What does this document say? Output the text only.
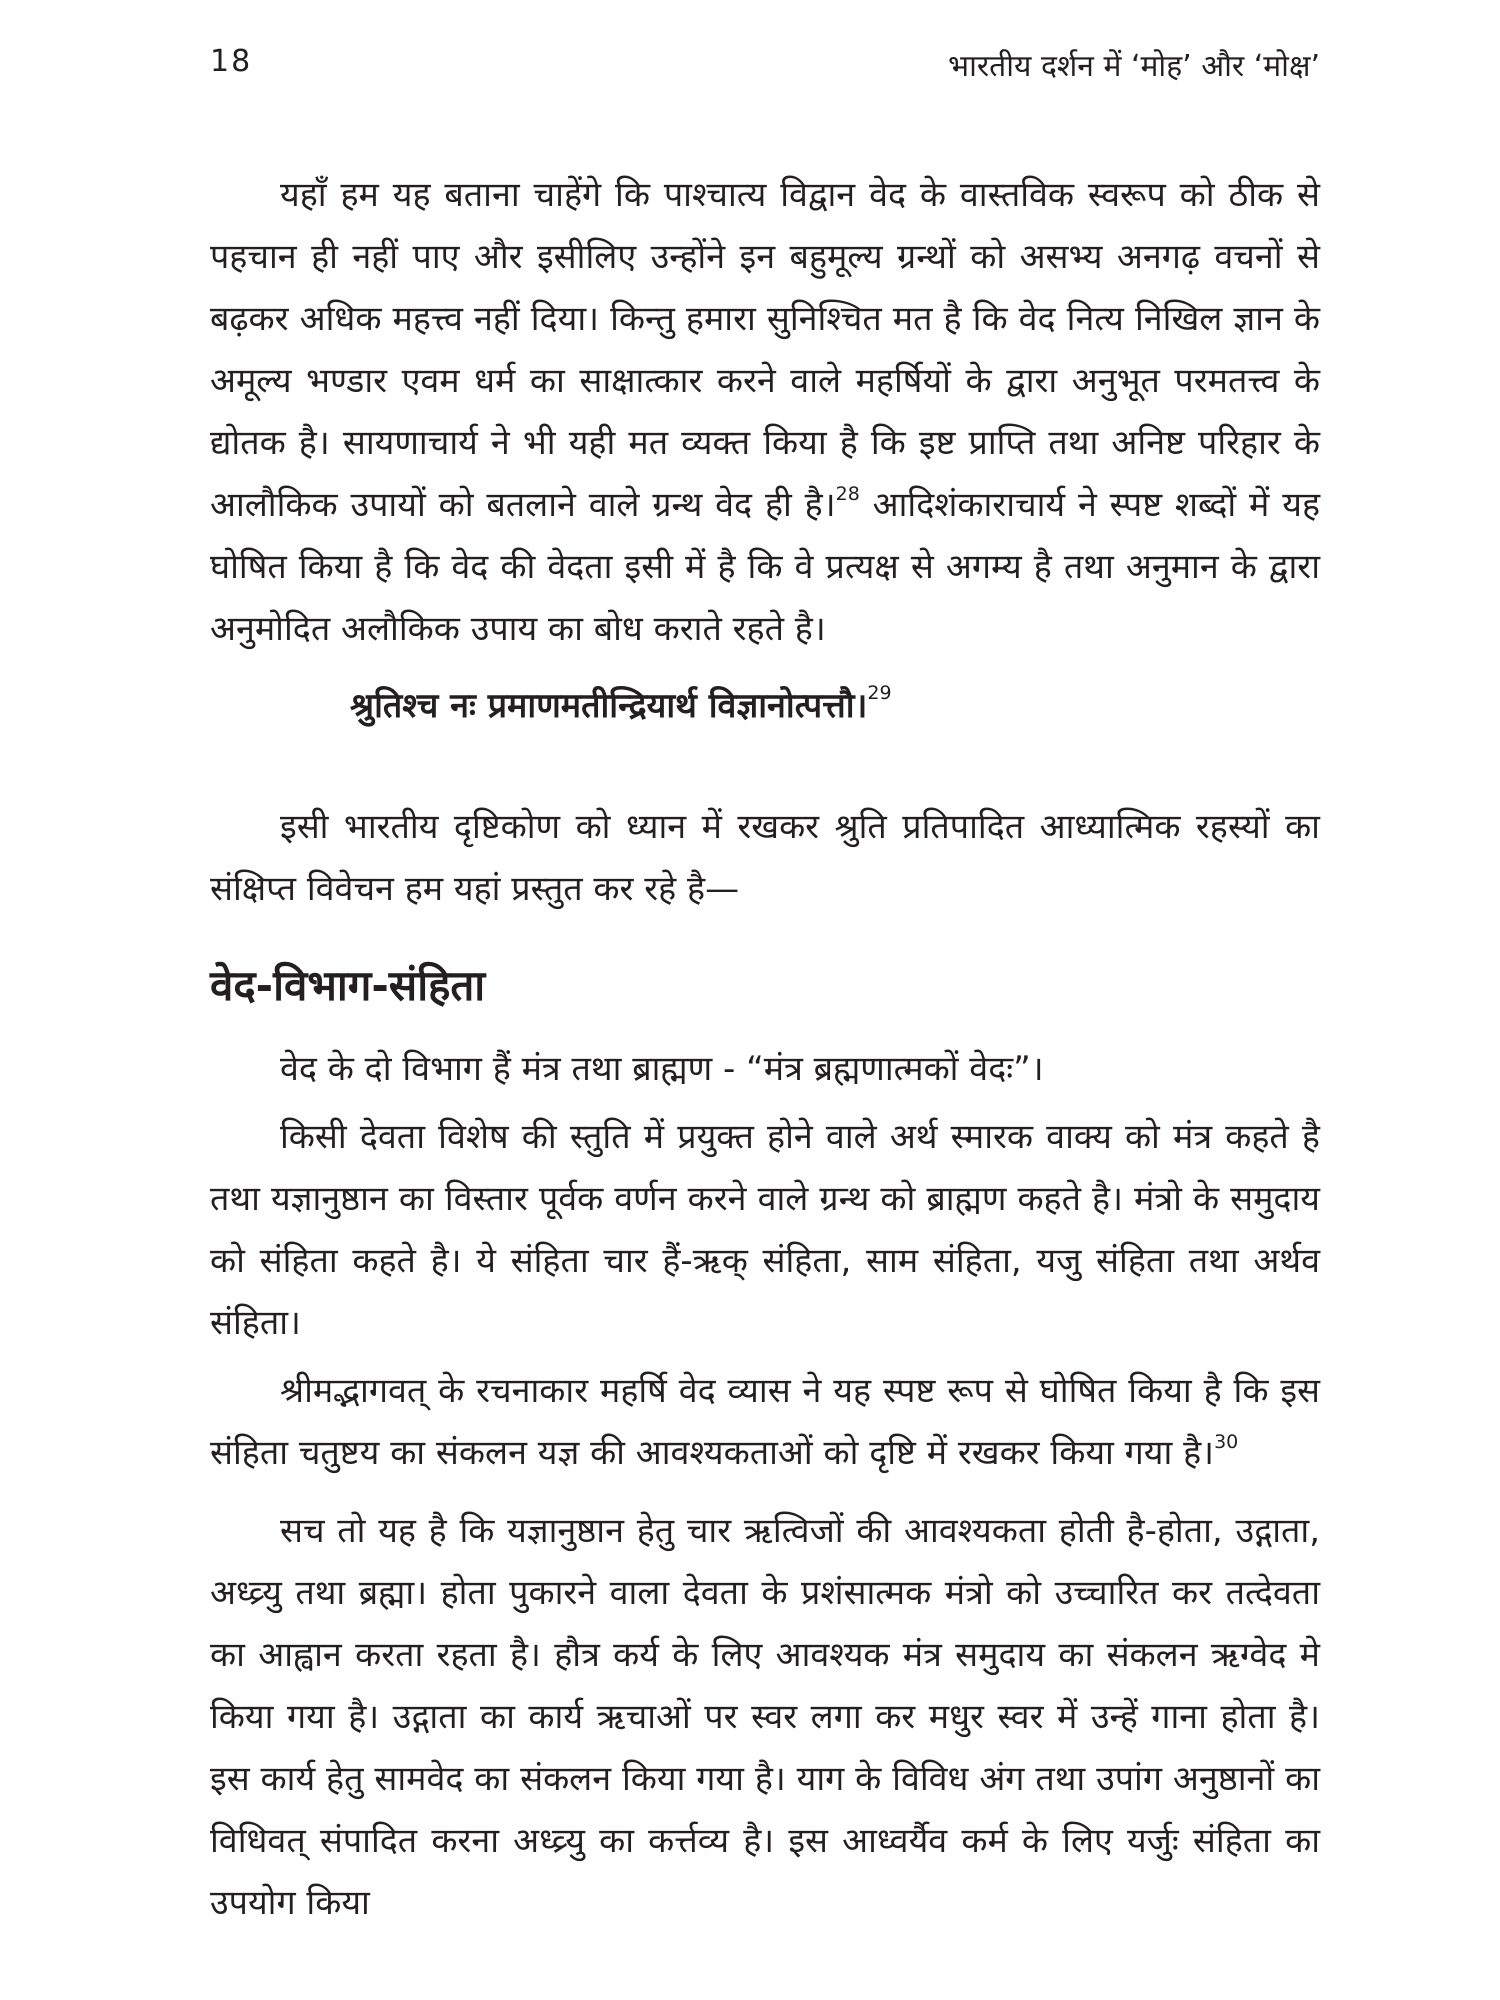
18	भारतीय दर्शन में ‘मोह’ और ‘मोक्ष’

यहाँ हम यह बताना चाहेंगे कि पाश्चात्य विद्वान वेद के वास्तविक स्वरूप को ठीक से पहचान ही नहीं पाए और इसीलिए उन्होंने इन बहुमूल्य ग्रन्थों को असभ्य अनगढ़ वचनों से बढ़कर अधिक महत्त्व नहीं दिया। किन्तु हमारा सुनिश्चित मत है कि वेद नित्य निखिल ज्ञान के अमूल्य भण्डार एवम धर्म का साक्षात्कार करने वाले महर्षियों के द्वारा अनुभूत परमतत्त्व के द्योतक है। सायणाचार्य ने भी यही मत व्यक्त किया है कि इष्ट प्राप्ति तथा अनिष्ट परिहार के आलौकिक उपायों को बतलाने वाले ग्रन्थ वेद ही है।$^{28}$ आदिशंकाराचार्य ने स्पष्ट शब्दों में यह घोषित किया है कि वेद की वेदता इसी में है कि वे प्रत्यक्ष से अगम्य है तथा अनुमान के द्वारा अनुमोदित अलौकिक उपाय का बोध कराते रहते है।

श्रुतिश्च नः प्रमाणमतीन्द्रियार्थ विज्ञानोत्पत्तौ।$^{29}$

इसी भारतीय दृष्टिकोण को ध्यान में रखकर श्रुति प्रतिपादित आध्यात्मिक रहस्यों का संक्षिप्त विवेचन हम यहां प्रस्तुत कर रहे है—

वेद-विभाग-संहिता

वेद के दो विभाग हैं मंत्र तथा ब्राह्मण - “मंत्र ब्रह्मणात्मकों वेदः”।

किसी देवता विशेष की स्तुति में प्रयुक्त होने वाले अर्थ स्मारक वाक्य को मंत्र कहते है तथा यज्ञानुष्ठान का विस्तार पूर्वक वर्णन करने वाले ग्रन्थ को ब्राह्मण कहते है। मंत्रो के समुदाय को संहिता कहते है। ये संहिता चार हैं-ऋक् संहिता, साम संहिता, यजु संहिता तथा अर्थव संहिता।

श्रीमद्भागवत् के रचनाकार महर्षि वेद व्यास ने यह स्पष्ट रूप से घोषित किया है कि इस संहिता चतुष्टय का संकलन यज्ञ की आवश्यकताओं को दृष्टि में रखकर किया गया है।$^{30}$

सच तो यह है कि यज्ञानुष्ठान हेतु चार ऋत्विजों की आवश्यकता होती है-होता, उद्गाता, अध्व्र्यु तथा ब्रह्मा। होता पुकारने वाला देवता के प्रशंसात्मक मंत्रो को उच्चारित कर तत्देवता का आह्वान करता रहता है। हौत्र कर्य के लिए आवश्यक मंत्र समुदाय का संकलन ऋग्वेद मे किया गया है। उद्गाता का कार्य ऋचाओं पर स्वर लगा कर मधुर स्वर में उन्हें गाना होता है। इस कार्य हेतु सामवेद का संकलन किया गया है। याग के विविध अंग तथा उपांग अनुष्ठानों का विधिवत् संपादित करना अध्व्र्यु का कर्त्तव्य है। इस आध्वर्यैव कर्म के लिए यर्जुः संहिता का उपयोग किया
